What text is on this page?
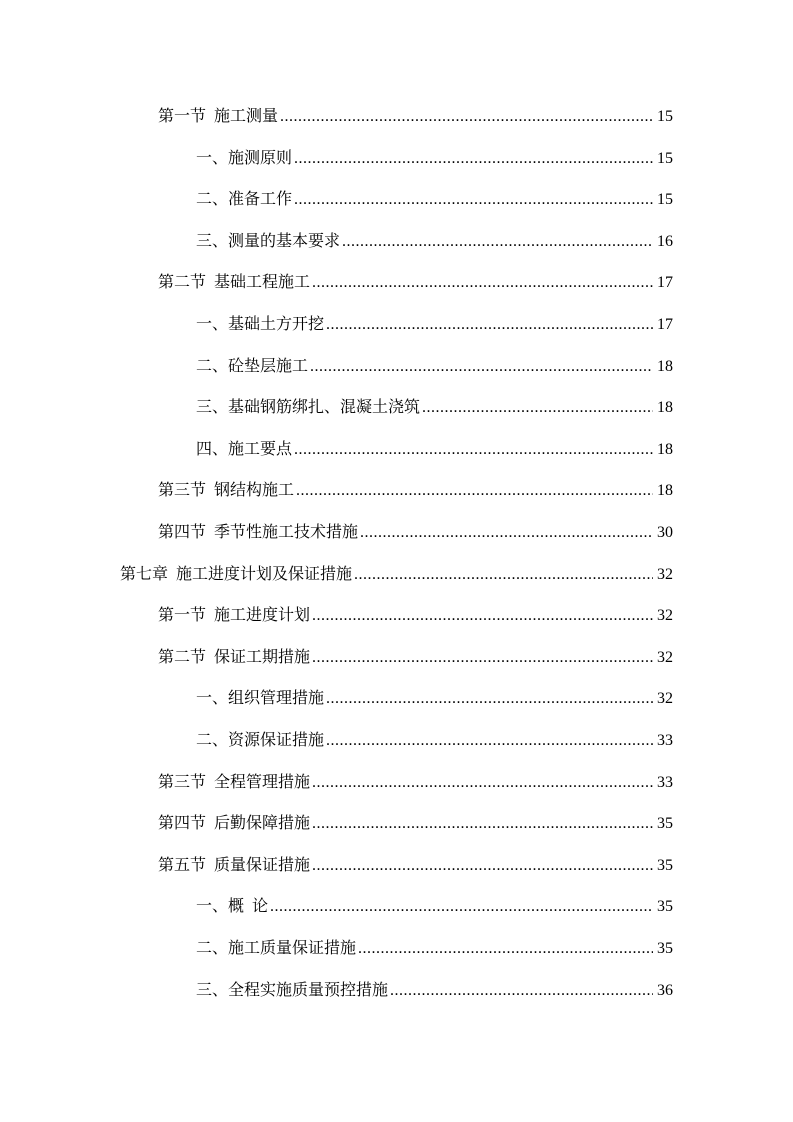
第一节  施工测量 .....	15
一、施测原则 .....	15
二、准备工作 .....	15
三、测量的基本要求 .....	16
第二节  基础工程施工 .....	17
一、基础土方开挖 .....	17
二、砼垫层施工 .....	18
三、基础钢筋绑扎、混凝土浇筑 .....	18
四、施工要点 .....	18
第三节  钢结构施工 .....	18
第四节  季节性施工技术措施 .....	30
第七章  施工进度计划及保证措施 .....	32
第一节  施工进度计划 .....	32
第二节  保证工期措施 .....	32
一、组织管理措施 .....	32
二、资源保证措施 .....	33
第三节  全程管理措施 .....	33
第四节  后勤保障措施 .....	35
第五节  质量保证措施 .....	35
一、概  论 .....	35
二、施工质量保证措施 .....	35
三、全程实施质量预控措施 .....	36
